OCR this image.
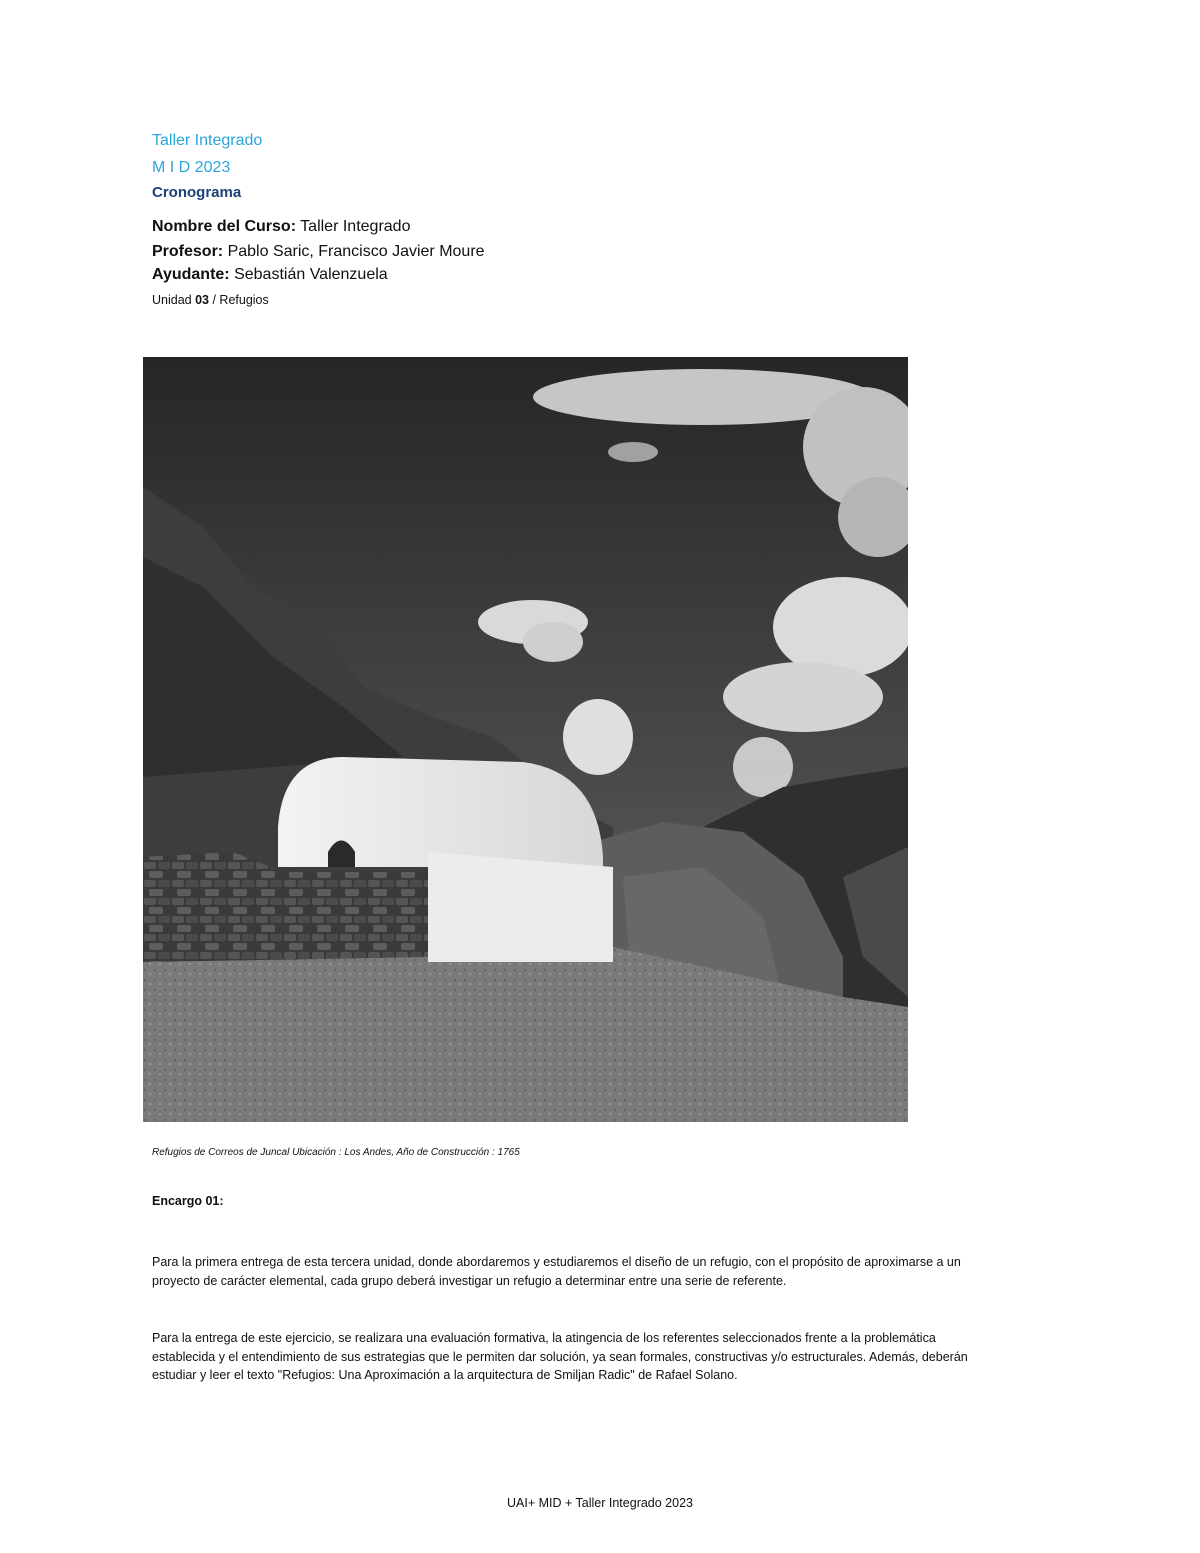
Taller Integrado
M I D 2023
Cronograma
Nombre del Curso: Taller Integrado
Profesor: Pablo Saric, Francisco Javier Moure
Ayudante: Sebastián Valenzuela
Unidad 03 / Refugios
Refugios de Correos de Juncal Ubicación : Los Andes, Año de Construcción : 1765
Encargo 01:
Para la primera entrega de esta tercera unidad, donde abordaremos y estudiaremos el diseño de un refugio, con el propósito de aproximarse a un proyecto de carácter elemental, cada grupo deberá investigar un refugio a determinar entre una serie de referente.
Para la entrega de este ejercicio, se realizara una evaluación formativa, la atingencia de los referentes seleccionados frente a la problemática establecida y el entendimiento de sus estrategias que le permiten dar solución, ya sean formales, constructivas y/o estructurales. Además, deberán estudiar y leer el texto "Refugios: Una Aproximación a la arquitectura de Smiljan Radic" de Rafael Solano.
UAI+ MID + Taller Integrado 2023
